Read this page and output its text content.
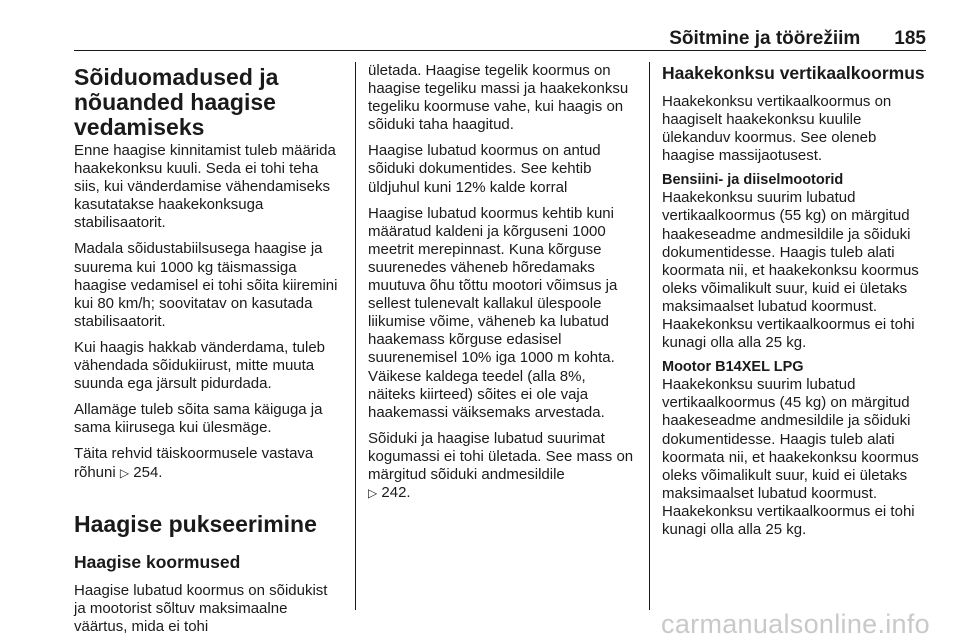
Sõitmine ja töörežiim 185
Sõiduomadused ja
nõuanded haagise
vedamiseks

Enne haagise kinnitamist tuleb määrida haakekonksu kuuli. Seda ei tohi teha siis, kui vänderdamise vähendamiseks kasutatakse haakekonksuga stabilisaatorit.

Madala sõidustabiilsusega haagise ja suurema kui 1000 kg täismassiga haagise vedamisel ei tohi sõita kiiremini kui 80 km/h; soovitatav on kasutada stabilisaatorit.

Kui haagis hakkab vänderdama, tuleb vähendada sõidukiirust, mitte muuta suunda ega järsult pidurdada.

Allamäge tuleb sõita sama käiguga ja sama kiirusega kui ülesmäge.

Täita rehvid täiskoormusele vastava rõhuni ▷ 254.

Haagise pukseerimine
Haagise koormused

Haagise lubatud koormus on sõidukist ja mootorist sõltuv maksimaalne väärtus, mida ei tohi

ületada. Haagise tegelik koormus on haagise tegeliku massi ja haakekonksu tegeliku koormuse vahe, kui haagis on sõiduki taha haagitud.

Haagise lubatud koormus on antud sõiduki dokumentides. See kehtib üldjuhul kuni 12% kalde korral

Haagise lubatud koormus kehtib kuni määratud kaldeni ja kõrguseni 1000 meetrit merepinnast. Kuna kõrguse suurenedes väheneb hõredamaks muutuva õhu tõttu mootori võimsus ja sellest tulenevalt kallakul ülespoole liikumise võime, väheneb ka lubatud haakemass kõrguse edasisel suurenemisel 10% iga 1000 m kohta. Väikese kaldega teedel (alla 8%, näiteks kiirteed) sõites ei ole vaja haakemassi väiksemaks arvestada.

Sõiduki ja haagise lubatud suurimat kogumassi ei tohi ületada. See mass on märgitud sõiduki andmesildile
▷ 242.

Haakekonksu vertikaalkoormus

Haakekonksu vertikaalkoormus on haagiselt haakekonksu kuulile ülekanduv koormus. See oleneb haagise massijaotusest.

Bensiini- ja diiselmootorid

Haakekonksu suurim lubatud vertikaalkoormus (55 kg) on märgitud haakeseadme andmesildile ja sõiduki dokumentidesse. Haagis tuleb alati koormata nii, et haakekonksu koormus oleks võimalikult suur, kuid ei ületaks maksimaalset lubatud koormust. Haakekonksu vertikaalkoormus ei tohi kunagi olla alla 25 kg.

Mootor B14XEL LPG

Haakekonksu suurim lubatud vertikaalkoormus (45 kg) on märgitud haakeseadme andmesildile ja sõiduki dokumentidesse. Haagis tuleb alati koormata nii, et haakekonksu koormus oleks võimalikult suur, kuid ei ületaks maksimaalset lubatud koormust. Haakekonksu vertikaalkoormus ei tohi kunagi olla alla 25 kg.

carmanualsonline.info
